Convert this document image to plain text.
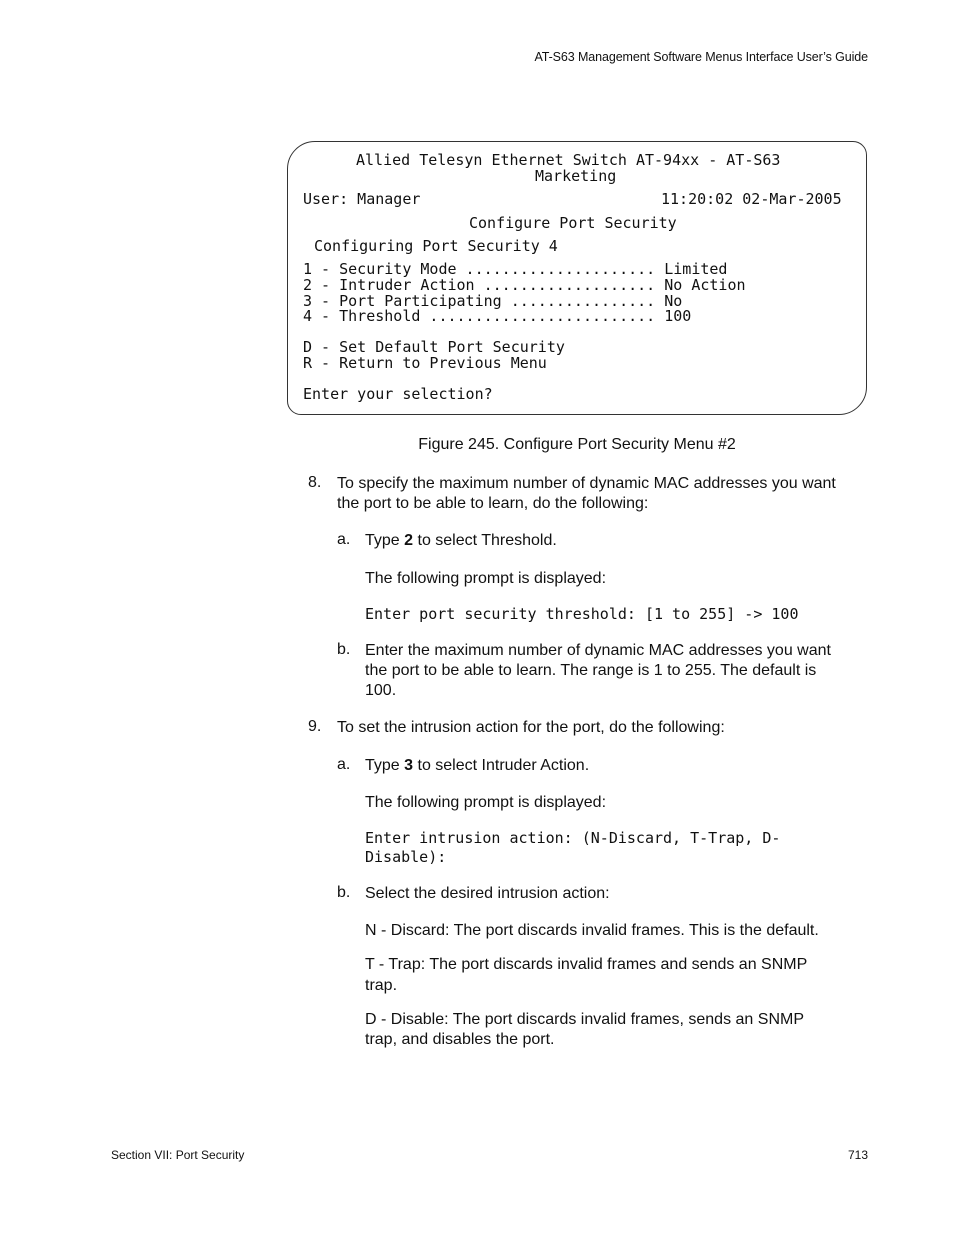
AT-S63 Management Software Menus Interface User’s Guide
Allied Telesyn Ethernet Switch AT-94xx - AT-S63
Marketing
User: Manager	11:20:02 02-Mar-2005
Configure Port Security
Configuring Port Security 4
1 - Security Mode ..................... Limited
2 - Intruder Action ................... No Action
3 - Port Participating ................ No
4 - Threshold ......................... 100
D - Set Default Port Security
R - Return to Previous Menu
Enter your selection?
Figure 245. Configure Port Security Menu #2
8. To specify the maximum number of dynamic MAC addresses you want
the port to be able to learn, do the following:
a. Type 2 to select Threshold.
The following prompt is displayed:
Enter port security threshold: [1 to 255] -> 100
b. Enter the maximum number of dynamic MAC addresses you want
the port to be able to learn. The range is 1 to 255. The default is
100.
9. To set the intrusion action for the port, do the following:
a. Type 3 to select Intruder Action.
The following prompt is displayed:
Enter intrusion action: (N-Discard, T-Trap, D-
Disable):
b. Select the desired intrusion action:
N - Discard: The port discards invalid frames. This is the default.
T - Trap: The port discards invalid frames and sends an SNMP
trap.
D - Disable: The port discards invalid frames, sends an SNMP
trap, and disables the port.
Section VII: Port Security	713
